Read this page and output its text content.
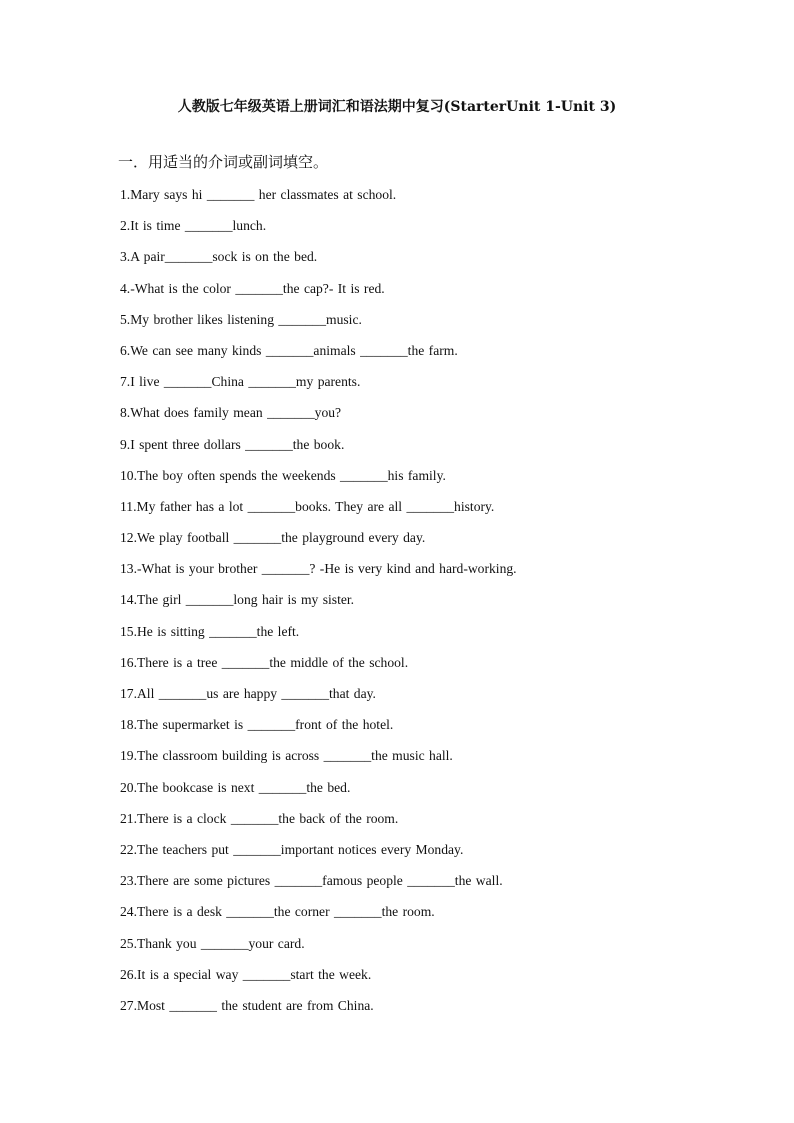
人教版七年级英语上册词汇和语法期中复习(StarterUnit 1-Unit 3)
一．用适当的介词或副词填空。
1.Mary says hi _______ her classmates at school.
2.It is time _______lunch.
3.A pair_______sock is on the bed.
4.-What is the color _______the cap?- It is red.
5.My brother likes listening _______music.
6.We can see many kinds _______animals _______the farm.
7.I live _______China _______my parents.
8.What does family mean _______you?
9.I spent three dollars _______the book.
10.The boy often spends the weekends _______his family.
11.My father has a lot _______books. They are all _______history.
12.We play football _______the playground every day.
13.-What is your brother _______? -He is very kind and hard-working.
14.The girl _______long hair is my sister.
15.He is sitting _______the left.
16.There is a tree _______the middle of the school.
17.All _______us are happy _______that day.
18.The supermarket is _______front of the hotel.
19.The classroom building is across _______the music hall.
20.The bookcase is next _______the bed.
21.There is a clock _______the back of the room.
22.The teachers put _______important notices every Monday.
23.There are some pictures _______famous people _______the wall.
24.There is a desk _______the corner _______the room.
25.Thank you _______your card.
26.It is a special way _______start the week.
27.Most _______ the student are from China.
